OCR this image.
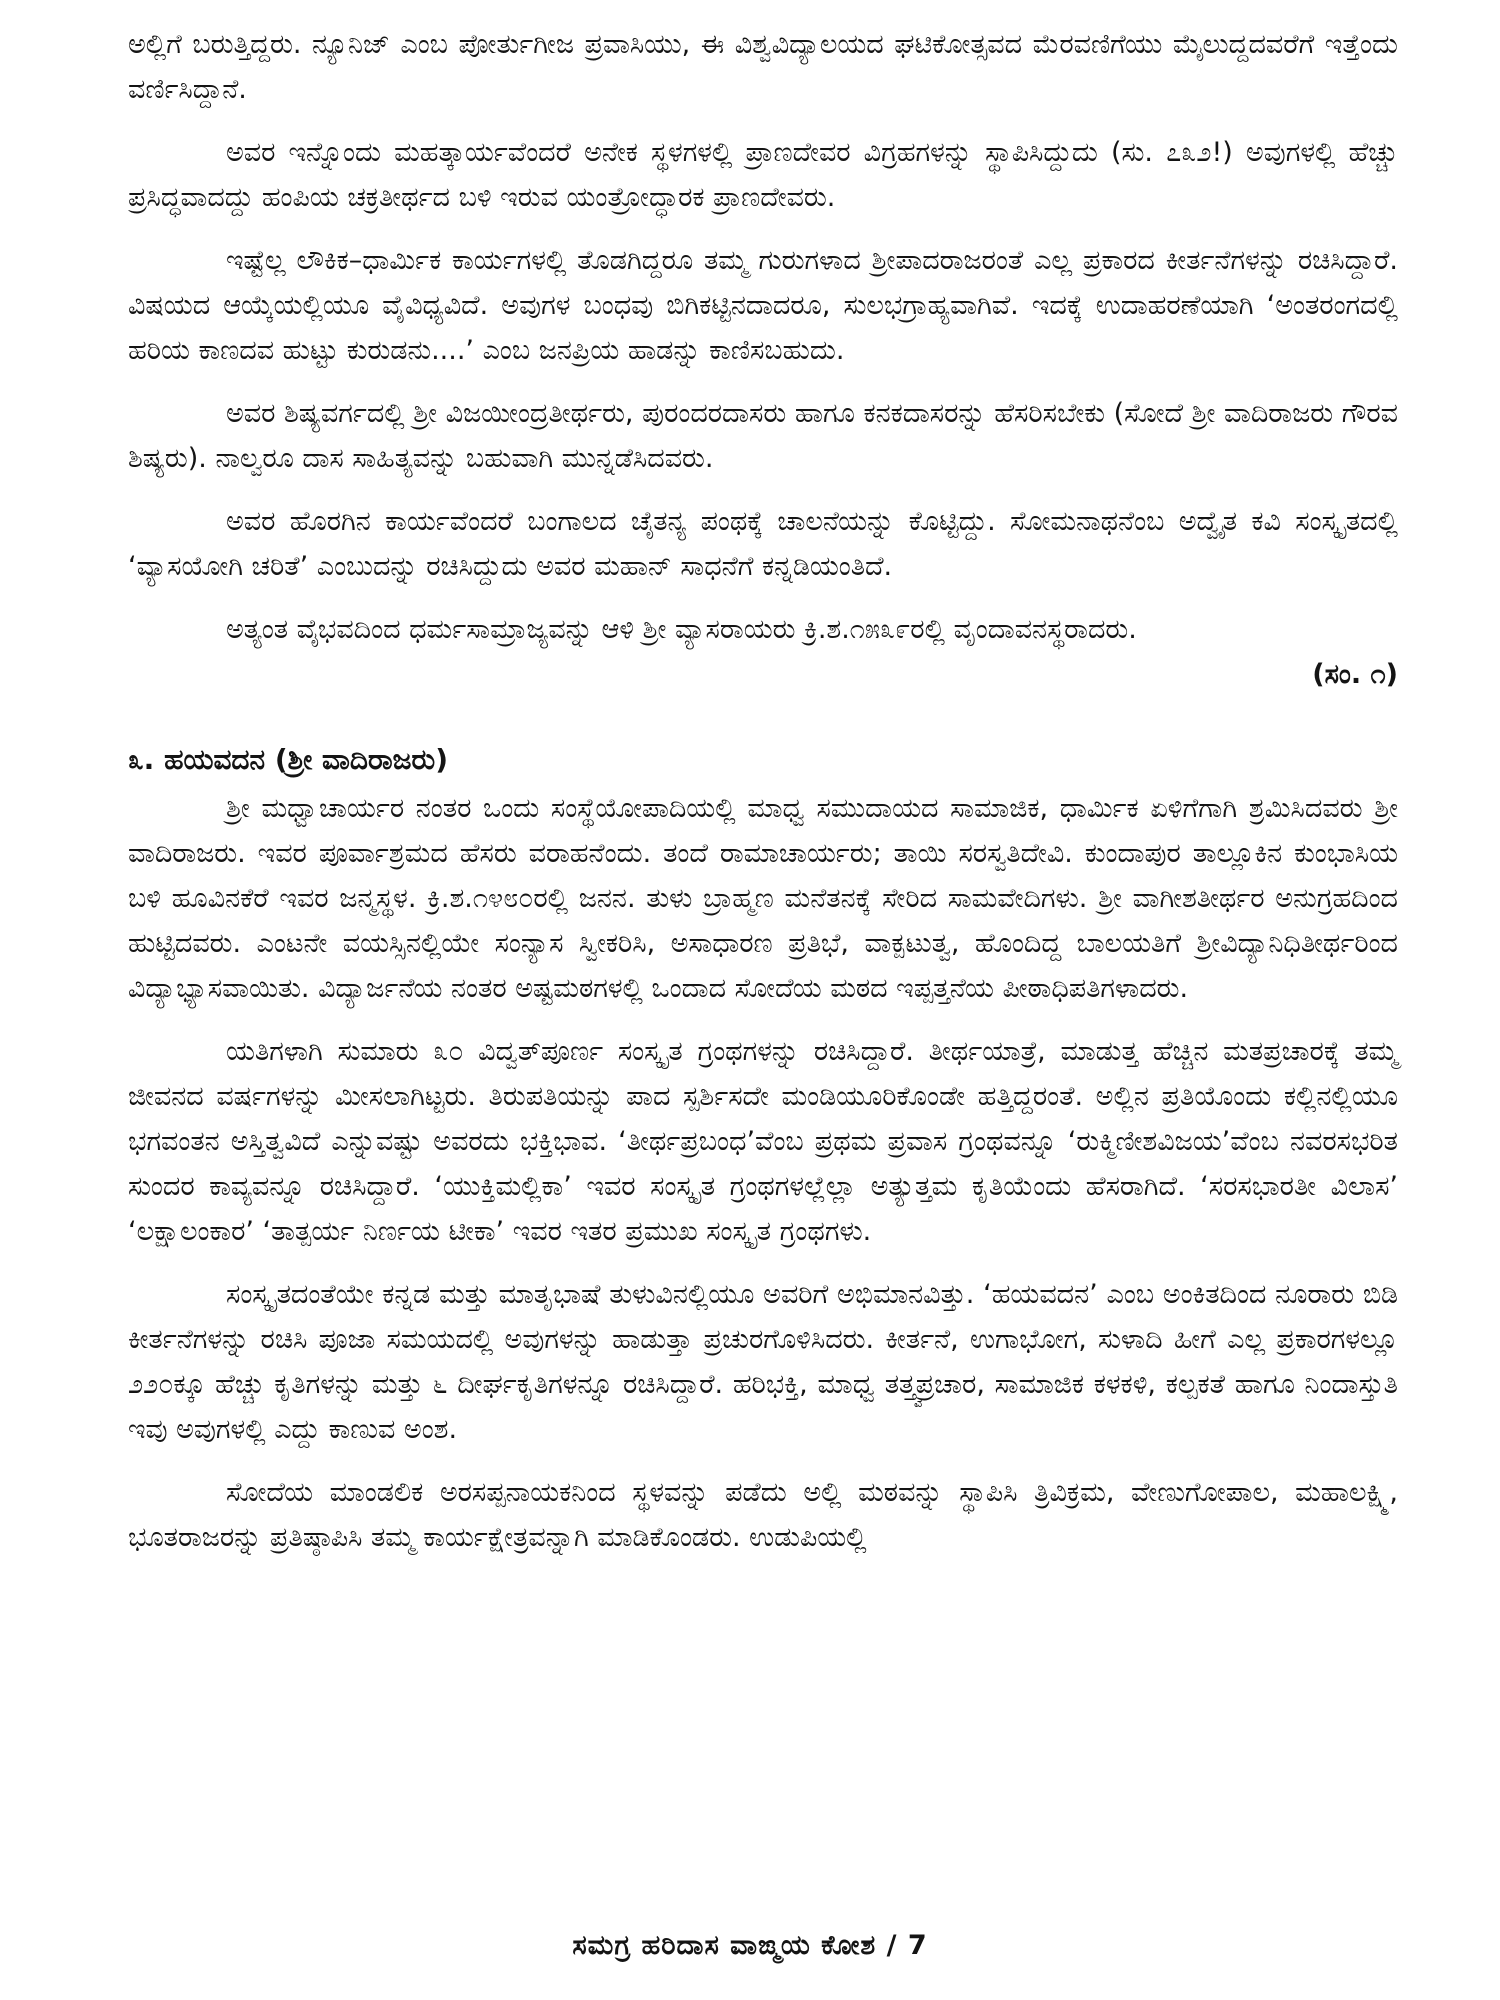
ಅಲ್ಲಿಗೆ ಬರುತ್ತಿದ್ದರು. ನ್ಯೂನಿಜ್ ಎಂಬ ಪೋರ್ತುಗೀಜ ಪ್ರವಾಸಿಯು, ಈ ವಿಶ್ವವಿದ್ಯಾಲಯದ ಘಟಿಕೋತ್ಸವದ ಮೆರವಣಿಗೆಯು ಮೈಲುದ್ದದವರೆಗೆ ಇತ್ತೆಂದು ವರ್ಣಿಸಿದ್ದಾನೆ.

ಅವರ ಇನ್ನೊಂದು ಮಹತ್ಕಾರ್ಯವೆಂದರೆ ಅನೇಕ ಸ್ಥಳಗಳಲ್ಲಿ ಪ್ರಾಣದೇವರ ವಿಗ್ರಹಗಳನ್ನು ಸ್ಥಾಪಿಸಿದ್ದುದು (ಸು. ೭೩೨!) ಅವುಗಳಲ್ಲಿ ಹೆಚ್ಚು ಪ್ರಸಿದ್ಧವಾದದ್ದು ಹಂಪಿಯ ಚಕ್ರತೀರ್ಥದ ಬಳಿ ಇರುವ ಯಂತ್ರೋದ್ಧಾರಕ ಪ್ರಾಣದೇವರು.

ಇಷ್ಟೆಲ್ಲ ಲೌಕಿಕ–ಧಾರ್ಮಿಕ ಕಾರ್ಯಗಳಲ್ಲಿ ತೊಡಗಿದ್ದರೂ ತಮ್ಮ ಗುರುಗಳಾದ ಶ್ರೀಪಾದರಾಜರಂತೆ ಎಲ್ಲ ಪ್ರಕಾರದ ಕೀರ್ತನೆಗಳನ್ನು ರಚಿಸಿದ್ದಾರೆ. ವಿಷಯದ ಆಯ್ಕೆಯಲ್ಲಿಯೂ ವೈವಿಧ್ಯವಿದೆ. ಅವುಗಳ ಬಂಧವು ಬಿಗಿಕಟ್ಟಿನದಾದರೂ, ಸುಲಭಗ್ರಾಹ್ಯವಾಗಿವೆ. ಇದಕ್ಕೆ ಉದಾಹರಣೆಯಾಗಿ ‘ಅಂತರಂಗದಲ್ಲಿ ಹರಿಯ ಕಾಣದವ ಹುಟ್ಟು ಕುರುಡನು....’ ಎಂಬ ಜನಪ್ರಿಯ ಹಾಡನ್ನು ಕಾಣಿಸಬಹುದು.

ಅವರ ಶಿಷ್ಯವರ್ಗದಲ್ಲಿ ಶ್ರೀ ವಿಜಯೀಂದ್ರತೀರ್ಥರು, ಪುರಂದರದಾಸರು ಹಾಗೂ ಕನಕದಾಸರನ್ನು ಹೆಸರಿಸಬೇಕು (ಸೋದೆ ಶ್ರೀ ವಾದಿರಾಜರು ಗೌರವ ಶಿಷ್ಯರು). ನಾಲ್ವರೂ ದಾಸ ಸಾಹಿತ್ಯವನ್ನು ಬಹುವಾಗಿ ಮುನ್ನಡೆಸಿದವರು.

ಅವರ ಹೊರಗಿನ ಕಾರ್ಯವೆಂದರೆ ಬಂಗಾಲದ ಚೈತನ್ಯ ಪಂಥಕ್ಕೆ ಚಾಲನೆಯನ್ನು ಕೊಟ್ಟಿದ್ದು. ಸೋಮನಾಥನೆಂಬ ಅದ್ವೈತ ಕವಿ ಸಂಸ್ಕೃತದಲ್ಲಿ ‘ವ್ಯಾಸಯೋಗಿ ಚರಿತೆ’ ಎಂಬುದನ್ನು ರಚಿಸಿದ್ದುದು ಅವರ ಮಹಾನ್ ಸಾಧನೆಗೆ ಕನ್ನಡಿಯಂತಿದೆ.

ಅತ್ಯಂತ ವೈಭವದಿಂದ ಧರ್ಮಸಾಮ್ರಾಜ್ಯವನ್ನು ಆಳಿ ಶ್ರೀ ವ್ಯಾಸರಾಯರು ಕ್ರಿ.ಶ.೧೫೩೯ರಲ್ಲಿ ವೃಂದಾವನಸ್ಥರಾದರು.

(ಸಂ. ೧)

೩. ಹಯವದನ (ಶ್ರೀ ವಾದಿರಾಜರು)

ಶ್ರೀ ಮಧ್ವಾಚಾರ್ಯರ ನಂತರ ಒಂದು ಸಂಸ್ಥೆಯೋಪಾದಿಯಲ್ಲಿ ಮಾಧ್ವ ಸಮುದಾಯದ ಸಾಮಾಜಿಕ, ಧಾರ್ಮಿಕ ಏಳಿಗೆಗಾಗಿ ಶ್ರಮಿಸಿದವರು ಶ್ರೀ ವಾದಿರಾಜರು. ಇವರ ಪೂರ್ವಾಶ್ರಮದ ಹೆಸರು ವರಾಹನೆಂದು. ತಂದೆ ರಾಮಾಚಾರ್ಯರು; ತಾಯಿ ಸರಸ್ವತಿದೇವಿ. ಕುಂದಾಪುರ ತಾಲ್ಲೂಕಿನ ಕುಂಭಾಸಿಯ ಬಳಿ ಹೂವಿನಕೆರೆ ಇವರ ಜನ್ಮಸ್ಥಳ. ಕ್ರಿ.ಶ.೧೪೮೦ರಲ್ಲಿ ಜನನ. ತುಳು ಬ್ರಾಹ್ಮಣ ಮನೆತನಕ್ಕೆ ಸೇರಿದ ಸಾಮವೇದಿಗಳು. ಶ್ರೀ ವಾಗೀಶತೀರ್ಥರ ಅನುಗ್ರಹದಿಂದ ಹುಟ್ಟಿದವರು. ಎಂಟನೇ ವಯಸ್ಸಿನಲ್ಲಿಯೇ ಸಂನ್ಯಾಸ ಸ್ವೀಕರಿಸಿ, ಅಸಾಧಾರಣ ಪ್ರತಿಭೆ, ವಾಕ್ಪಟುತ್ವ, ಹೊಂದಿದ್ದ ಬಾಲಯತಿಗೆ ಶ್ರೀವಿದ್ಯಾನಿಧಿತೀರ್ಥರಿಂದ ವಿದ್ಯಾಭ್ಯಾಸವಾಯಿತು. ವಿದ್ಯಾರ್ಜನೆಯ ನಂತರ ಅಷ್ಟಮಠಗಳಲ್ಲಿ ಒಂದಾದ ಸೋದೆಯ ಮಠದ ಇಪ್ಪತ್ತನೆಯ ಪೀಠಾಧಿಪತಿಗಳಾದರು.

ಯತಿಗಳಾಗಿ ಸುಮಾರು ೩೦ ವಿದ್ವತ್‌ಪೂರ್ಣ ಸಂಸ್ಕೃತ ಗ್ರಂಥಗಳನ್ನು ರಚಿಸಿದ್ದಾರೆ. ತೀರ್ಥಯಾತ್ರೆ, ಮಾಡುತ್ತ ಹೆಚ್ಚಿನ ಮತಪ್ರಚಾರಕ್ಕೆ ತಮ್ಮ ಜೀವನದ ವರ್ಷಗಳನ್ನು ಮೀಸಲಾಗಿಟ್ಟರು. ತಿರುಪತಿಯನ್ನು ಪಾದ ಸ್ಪರ್ಶಿಸದೇ ಮಂಡಿಯೂರಿಕೊಂಡೇ ಹತ್ತಿದ್ದರಂತೆ. ಅಲ್ಲಿನ ಪ್ರತಿಯೊಂದು ಕಲ್ಲಿನಲ್ಲಿಯೂ ಭಗವಂತನ ಅಸ್ತಿತ್ವವಿದೆ ಎನ್ನುವಷ್ಟು ಅವರದು ಭಕ್ತಿಭಾವ. ‘ತೀರ್ಥಪ್ರಬಂಧ’ವೆಂಬ ಪ್ರಥಮ ಪ್ರವಾಸ ಗ್ರಂಥವನ್ನೂ ‘ರುಕ್ಮಿಣೀಶವಿಜಯ’ವೆಂಬ ನವರಸಭರಿತ ಸುಂದರ ಕಾವ್ಯವನ್ನೂ ರಚಿಸಿದ್ದಾರೆ. ‘ಯುಕ್ತಿಮಲ್ಲಿಕಾ’ ಇವರ ಸಂಸ್ಕೃತ ಗ್ರಂಥಗಳಲ್ಲೆಲ್ಲಾ ಅತ್ಯುತ್ತಮ ಕೃತಿಯೆಂದು ಹೆಸರಾಗಿದೆ. ‘ಸರಸಭಾರತೀ ವಿಲಾಸ’ ‘ಲಕ್ಷಾಲಂಕಾರ’ ‘ತಾತ್ಪರ್ಯ ನಿರ್ಣಯ ಟೀಕಾ’ ಇವರ ಇತರ ಪ್ರಮುಖ ಸಂಸ್ಕೃತ ಗ್ರಂಥಗಳು.

ಸಂಸ್ಕೃತದಂತೆಯೇ ಕನ್ನಡ ಮತ್ತು ಮಾತೃಭಾಷೆ ತುಳುವಿನಲ್ಲಿಯೂ ಅವರಿಗೆ ಅಭಿಮಾನವಿತ್ತು. ‘ಹಯವದನ’ ಎಂಬ ಅಂಕಿತದಿಂದ ನೂರಾರು ಬಿಡಿ ಕೀರ್ತನೆಗಳನ್ನು ರಚಿಸಿ ಪೂಜಾ ಸಮಯದಲ್ಲಿ ಅವುಗಳನ್ನು ಹಾಡುತ್ತಾ ಪ್ರಚುರಗೊಳಿಸಿದರು. ಕೀರ್ತನೆ, ಉಗಾಭೋಗ, ಸುಳಾದಿ ಹೀಗೆ ಎಲ್ಲ ಪ್ರಕಾರಗಳಲ್ಲೂ ೨೨೦ಕ್ಕೂ ಹೆಚ್ಚು ಕೃತಿಗಳನ್ನು ಮತ್ತು ೬ ದೀರ್ಘಕೃತಿಗಳನ್ನೂ ರಚಿಸಿದ್ದಾರೆ. ಹರಿಭಕ್ತಿ, ಮಾಧ್ವ ತತ್ತ್ವಪ್ರಚಾರ, ಸಾಮಾಜಿಕ ಕಳಕಳಿ, ಕಲ್ಪಕತೆ ಹಾಗೂ ನಿಂದಾಸ್ತುತಿ ಇವು ಅವುಗಳಲ್ಲಿ ಎದ್ದು ಕಾಣುವ ಅಂಶ.

ಸೋದೆಯ ಮಾಂಡಲಿಕ ಅರಸಪ್ಪನಾಯಕನಿಂದ ಸ್ಥಳವನ್ನು ಪಡೆದು ಅಲ್ಲಿ ಮಠವನ್ನು ಸ್ಥಾಪಿಸಿ ತ್ರಿವಿಕ್ರಮ, ವೇಣುಗೋಪಾಲ, ಮಹಾಲಕ್ಷ್ಮಿ, ಭೂತರಾಜರನ್ನು ಪ್ರತಿಷ್ಠಾಪಿಸಿ ತಮ್ಮ ಕಾರ್ಯಕ್ಷೇತ್ರವನ್ನಾಗಿ ಮಾಡಿಕೊಂಡರು. ಉಡುಪಿಯಲ್ಲಿ

ಸಮಗ್ರ ಹರಿದಾಸ ವಾಙ್ಮಯ ಕೋಶ / 7
